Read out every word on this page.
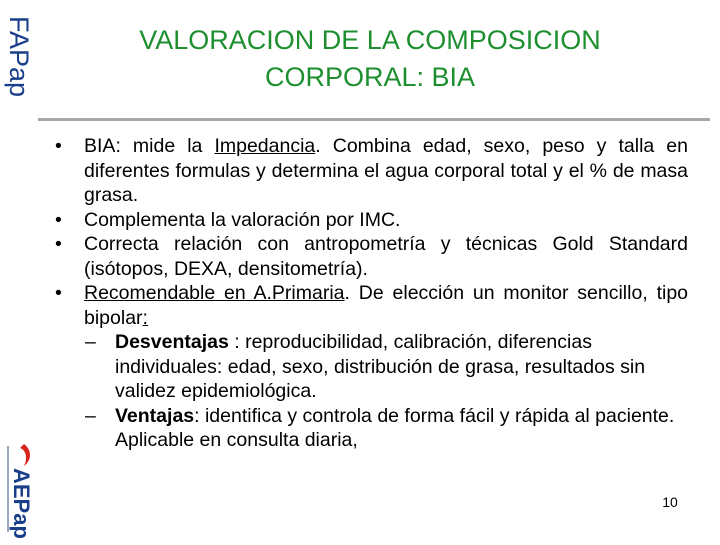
FAPap
AEPap
VALORACION DE LA COMPOSICION
CORPORAL: BIA

• BIA: mide la Impedancia. Combina edad, sexo, peso y talla en diferentes formulas y determina el agua corporal total y el % de masa grasa.

• Complementa la valoración por IMC.

• Correcta relación con antropometría y técnicas Gold Standard (isótopos, DEXA, densitometría).

• Recomendable en A.Primaria. De elección un monitor sencillo, tipo bipolar:

– Desventajas : reproducibilidad, calibración, diferencias individuales: edad, sexo, distribución de grasa, resultados sin validez epidemiológica.

– Ventajas: identifica y controla de forma fácil y rápida al paciente. Aplicable en consulta diaria,

10
